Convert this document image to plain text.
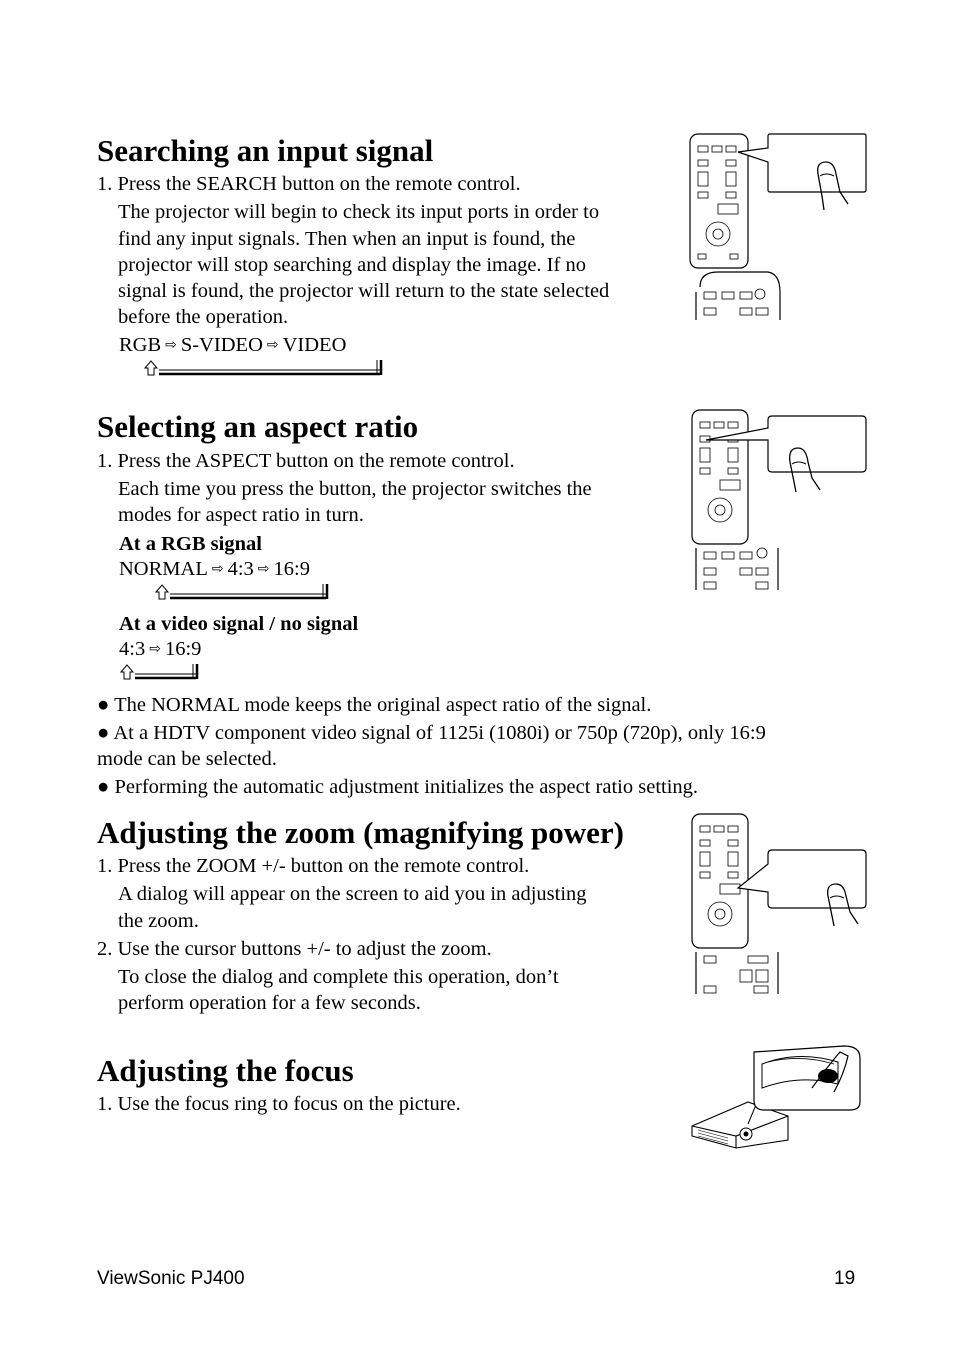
Searching an input signal
1. Press the SEARCH button on the remote control.
The projector will begin to check its input ports in order to
find any input signals. Then when an input is found, the
projector will stop searching and display the image. If no
signal is found, the projector will return to the state selected
before the operation.
RGB ⇨ S-VIDEO ⇨ VIDEO
Selecting an aspect ratio
1. Press the ASPECT button on the remote control.
Each time you press the button, the projector switches the
modes for aspect ratio in turn.
At a RGB signal
NORMAL ⇨ 4:3 ⇨ 16:9
At a video signal / no signal
4:3 ⇨ 16:9
● The NORMAL mode keeps the original aspect ratio of the signal.
● At a HDTV component video signal of 1125i (1080i) or 750p (720p), only 16:9
mode can be selected.
● Performing the automatic adjustment initializes the aspect ratio setting.
Adjusting the zoom (magnifying power)
1. Press the ZOOM +/- button on the remote control.
A dialog will appear on the screen to aid you in adjusting
the zoom.
2. Use the cursor buttons +/- to adjust the zoom.
To close the dialog and complete this operation, don’t
perform operation for a few seconds.
Adjusting the focus
1. Use the focus ring to focus on the picture.
ViewSonic PJ400	19
